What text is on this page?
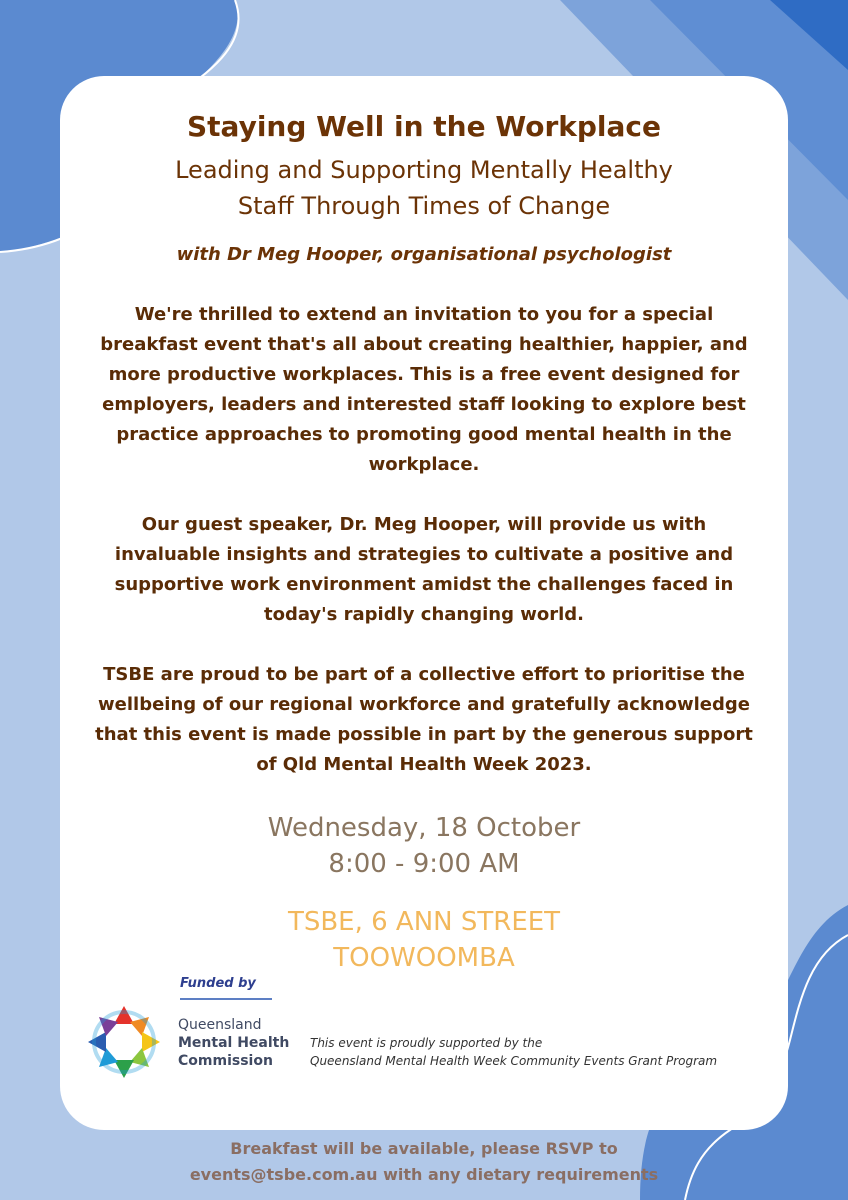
Staying Well in the Workplace
Leading and Supporting Mentally Healthy
Staff Through Times of Change
with Dr Meg Hooper, organisational psychologist
We're thrilled to extend an invitation to you for a special
breakfast event that's all about creating healthier, happier, and
more productive workplaces. This is a free event designed for
employers, leaders and interested staff looking to explore best
practice approaches to promoting good mental health in the
workplace.
Our guest speaker, Dr. Meg Hooper, will provide us with
invaluable insights and strategies to cultivate a positive and
supportive work environment amidst the challenges faced in
today's rapidly changing world.
TSBE are proud to be part of a collective effort to prioritise the
wellbeing of our regional workforce and gratefully acknowledge
that this event is made possible in part by the generous support
of Qld Mental Health Week 2023.
Wednesday, 18 October
8:00 - 9:00 AM
TSBE, 6 ANN STREET
TOOWOOMBA
Funded by
Queensland
Mental Health
Commission
This event is proudly supported by the
Queensland Mental Health Week Community Events Grant Program
Breakfast will be available, please RSVP to
events@tsbe.com.au with any dietary requirements
